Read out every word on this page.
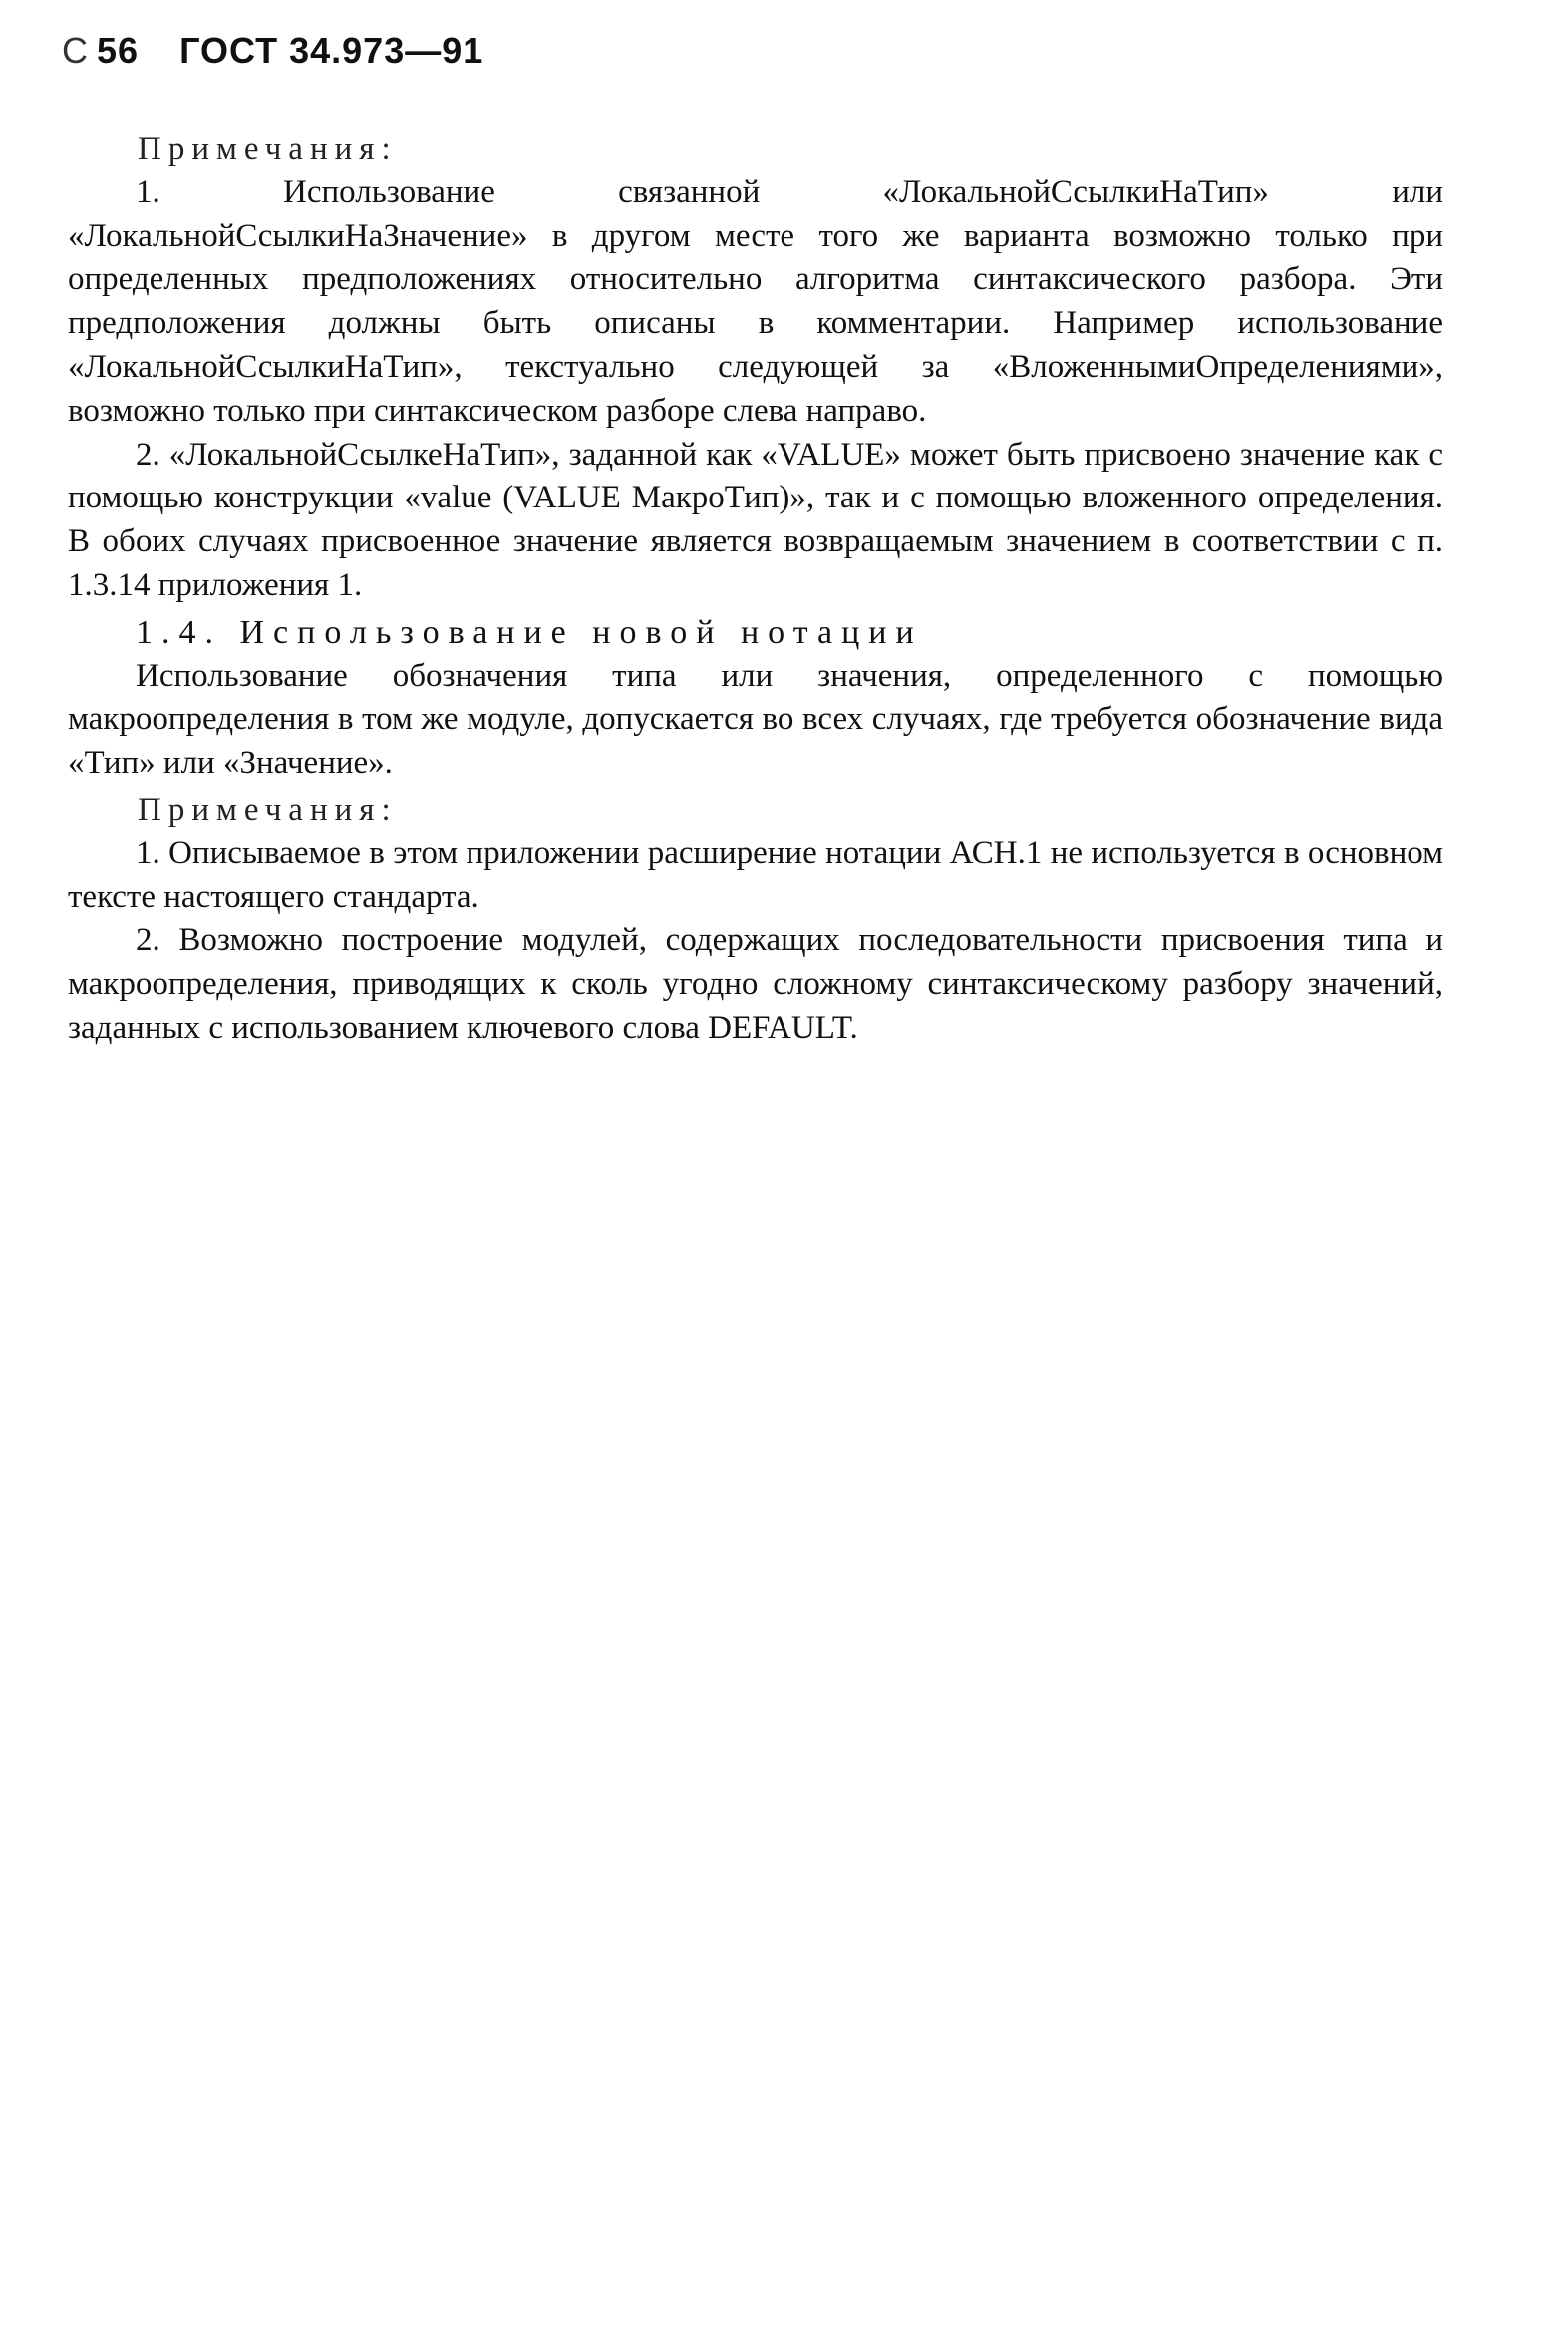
С 56 ГОСТ 34.973—91

Примечания:

1. Использование связанной «ЛокальнойСсылкиНаТип» или «ЛокальнойСсылкиНаЗначение» в другом месте того же варианта возможно только при определенных предположениях относительно алгоритма синтаксического разбора. Эти предположения должны быть описаны в комментарии. Например использование «ЛокальнойСсылкиНаТип», текстуально следующей за «ВложеннымиОпределениями», возможно только при синтаксическом разборе слева направо.

2. «ЛокальнойСсылкеНаТип», заданной как «VALUE» может быть присвоено значение как с помощью конструкции «value (VALUE МакроТип)», так и с помощью вложенного определения. В обоих случаях присвоенное значение является возвращаемым значением в соответствии с п. 1.3.14 приложения 1.

1.4. Использование новой нотации

Использование обозначения типа или значения, определенного с помощью макроопределения в том же модуле, допускается во всех случаях, где требуется обозначение вида «Тип» или «Значение».

Примечания:

1. Описываемое в этом приложении расширение нотации АСН.1 не используется в основном тексте настоящего стандарта.

2. Возможно построение модулей, содержащих последовательности присвоения типа и макроопределения, приводящих к сколь угодно сложному синтаксическому разбору значений, заданных с использованием ключевого слова DEFAULT.
